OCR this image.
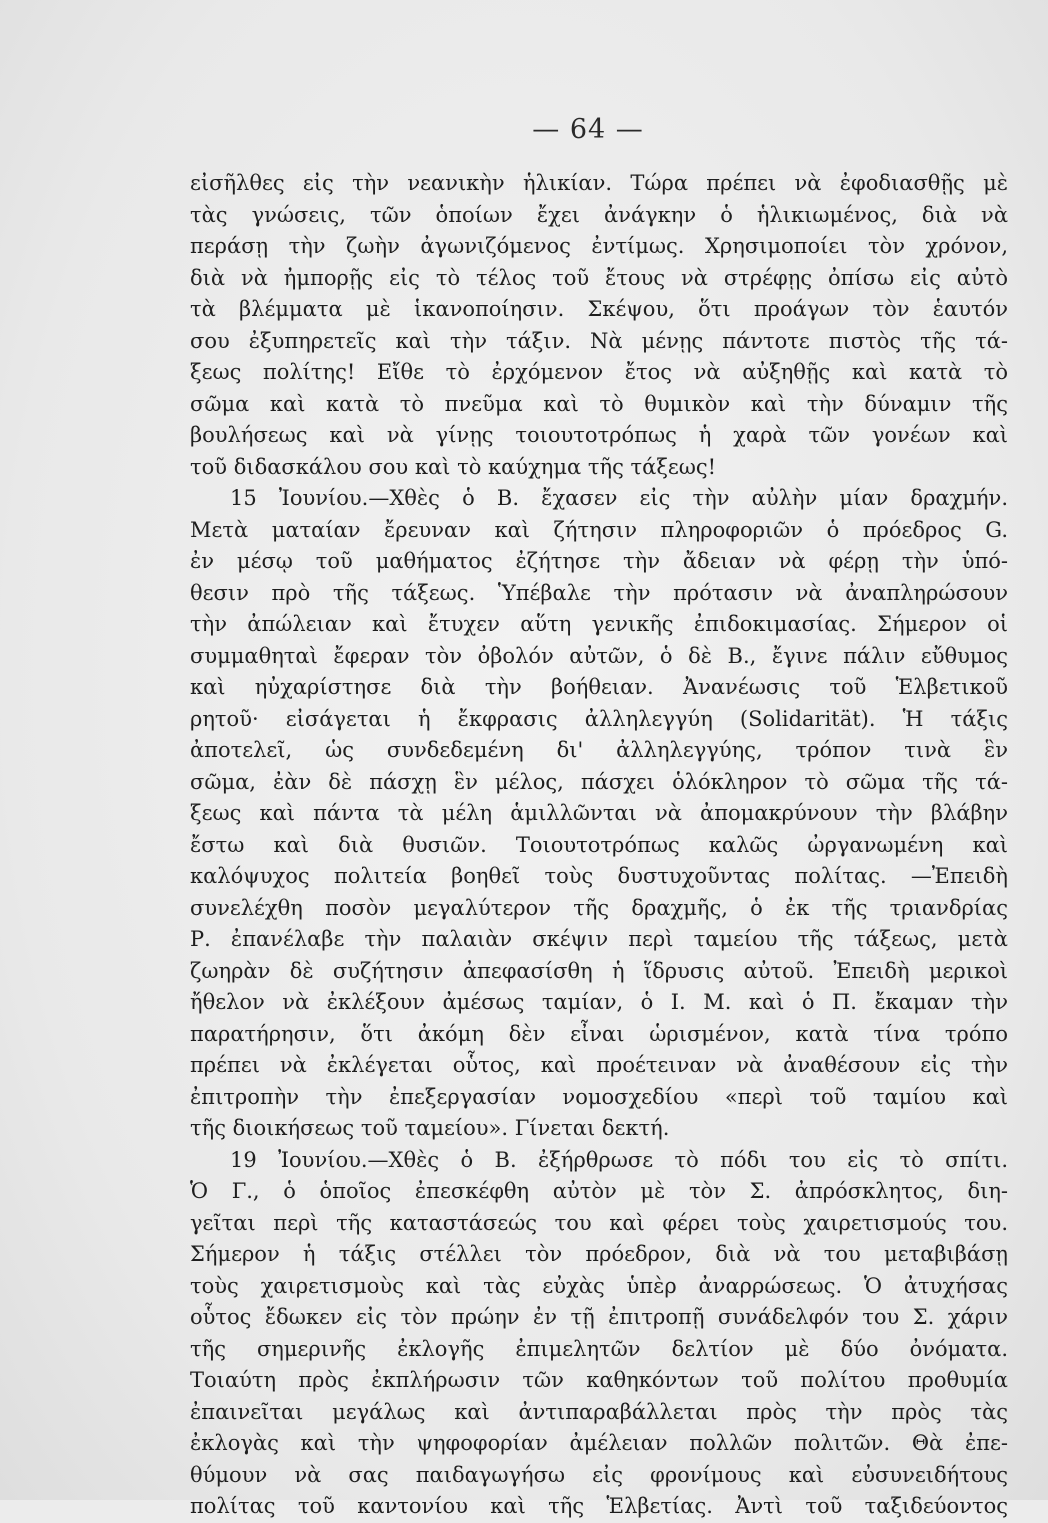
— 64 —
εἰσῆλθες εἰς τὴν νεανικὴν ἡλικίαν. Τώρα πρέπει νὰ ἐφοδιασθῇς μὲ
τὰς γνώσεις, τῶν ὁποίων ἔχει ἀνάγκην ὁ ἡλικιωμένος, διὰ νὰ
περάσῃ τὴν ζωὴν ἀγωνιζόμενος ἐντίμως. Χρησιμοποίει τὸν χρόνον,
διὰ νὰ ἠμπορῇς εἰς τὸ τέλος τοῦ ἔτους νὰ στρέφῃς ὀπίσω εἰς αὐτὸ
τὰ βλέμματα μὲ ἱκανοποίησιν. Σκέψου, ὅτι προάγων τὸν ἑαυτόν
σου ἐξυπηρετεῖς καὶ τὴν τάξιν. Νὰ μένῃς πάντοτε πιστὸς τῆς τά-
ξεως πολίτης! Εἴθε τὸ ἐρχόμενον ἔτος νὰ αὐξηθῇς καὶ κατὰ τὸ
σῶμα καὶ κατὰ τὸ πνεῦμα καὶ τὸ θυμικὸν καὶ τὴν δύναμιν τῆς
βουλήσεως καὶ νὰ γίνῃς τοιουτοτρόπως ἡ χαρὰ τῶν γονέων καὶ
τοῦ διδασκάλου σου καὶ τὸ καύχημα τῆς τάξεως!
15 Ἰουνίου.—Χθὲς ὁ Β. ἔχασεν εἰς τὴν αὐλὴν μίαν δραχμήν.
Μετὰ ματαίαν ἔρευναν καὶ ζήτησιν πληροφοριῶν ὁ πρόεδρος G.
ἐν μέσῳ τοῦ μαθήματος ἐζήτησε τὴν ἄδειαν νὰ φέρῃ τὴν ὑπό-
θεσιν πρὸ τῆς τάξεως. Ὑπέβαλε τὴν πρότασιν νὰ ἀναπληρώσουν
τὴν ἀπώλειαν καὶ ἔτυχεν αὕτη γενικῆς ἐπιδοκιμασίας. Σήμερον οἱ
συμμαθηταὶ ἔφεραν τὸν ὀβολόν αὐτῶν, ὁ δὲ Β., ἔγινε πάλιν εὔθυμος
καὶ ηὐχαρίστησε διὰ τὴν βοήθειαν. Ἀνανέωσις τοῦ Ἑλβετικοῦ
ρητοῦ· εἰσάγεται ἡ ἔκφρασις ἀλληλεγγύη (Solidarität). Ἡ τάξις
ἀποτελεῖ, ὡς συνδεδεμένη δι' ἀλληλεγγύης, τρόπον τινὰ ἓν
σῶμα, ἐὰν δὲ πάσχῃ ἓν μέλος, πάσχει ὁλόκληρον τὸ σῶμα τῆς τά-
ξεως καὶ πάντα τὰ μέλη ἁμιλλῶνται νὰ ἀπομακρύνουν τὴν βλάβην
ἔστω καὶ διὰ θυσιῶν. Τοιουτοτρόπως καλῶς ὠργανωμένη καὶ
καλόψυχος πολιτεία βοηθεῖ τοὺς δυστυχοῦντας πολίτας. —Ἐπειδὴ
συνελέχθη ποσὸν μεγαλύτερον τῆς δραχμῆς, ὁ ἐκ τῆς τριανδρίας
Ρ. ἐπανέλαβε τὴν παλαιὰν σκέψιν περὶ ταμείου τῆς τάξεως, μετὰ
ζωηρὰν δὲ συζήτησιν ἀπεφασίσθη ἡ ἵδρυσις αὐτοῦ. Ἐπειδὴ μερικοὶ
ἤθελον νὰ ἐκλέξουν ἀμέσως ταμίαν, ὁ Ι. Μ. καὶ ὁ Π. ἔκαμαν τὴν
παρατήρησιν, ὅτι ἀκόμη δὲν εἶναι ὡρισμένον, κατὰ τίνα τρόπο
πρέπει νὰ ἐκλέγεται οὗτος, καὶ προέτειναν νὰ ἀναθέσουν εἰς τὴν
ἐπιτροπὴν τὴν ἐπεξεργασίαν νομοσχεδίου «περὶ τοῦ ταμίου καὶ
τῆς διοικήσεως τοῦ ταμείου». Γίνεται δεκτή.
19 Ἰουνίου.—Χθὲς ὁ Β. ἐξήρθρωσε τὸ πόδι του εἰς τὸ σπίτι.
Ὁ Γ., ὁ ὁποῖος ἐπεσκέφθη αὐτὸν μὲ τὸν Σ. ἀπρόσκλητος, διη-
γεῖται περὶ τῆς καταστάσεώς του καὶ φέρει τοὺς χαιρετισμούς του.
Σήμερον ἡ τάξις στέλλει τὸν πρόεδρον, διὰ νὰ του μεταβιβάσῃ
τοὺς χαιρετισμοὺς καὶ τὰς εὐχὰς ὑπὲρ ἀναρρώσεως. Ὁ ἀτυχήσας
οὗτος ἔδωκεν εἰς τὸν πρώην ἐν τῇ ἐπιτροπῇ συνάδελφόν του Σ. χάριν
τῆς σημερινῆς ἐκλογῆς ἐπιμελητῶν δελτίον μὲ δύο ὀνόματα.
Τοιαύτη πρὸς ἐκπλήρωσιν τῶν καθηκόντων τοῦ πολίτου προθυμία
ἐπαινεῖται μεγάλως καὶ ἀντιπαραβάλλεται πρὸς τὴν πρὸς τὰς
ἐκλογὰς καὶ τὴν ψηφοφορίαν ἀμέλειαν πολλῶν πολιτῶν. Θὰ ἐπε-
θύμουν νὰ σας παιδαγωγήσω εἰς φρονίμους καὶ εὐσυνειδήτους
πολίτας τοῦ καντονίου καὶ τῆς Ἑλβετίας. Ἀντὶ τοῦ ταξιδεύοντος
